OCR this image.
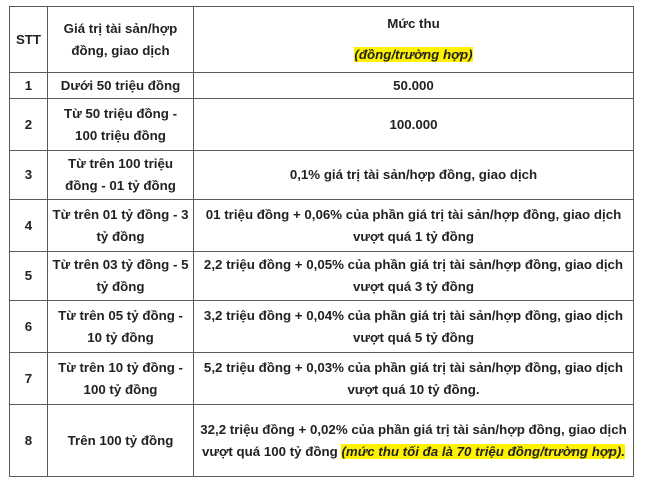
STT	Giá trị tài sản/hợp đồng, giao dịch	Mức thu
(đồng/trường hợp)
1	Dưới 50 triệu đồng	50.000
2	Từ 50 triệu đồng - 100 triệu đồng	100.000
3	Từ trên 100 triệu đồng - 01 tỷ đồng	0,1% giá trị tài sản/hợp đồng, giao dịch
4	Từ trên 01 tỷ đồng - 3 tỷ đồng	01 triệu đồng + 0,06% của phần giá trị tài sản/hợp đồng, giao dịch vượt quá 1 tỷ đồng
5	Từ trên 03 tỷ đồng - 5 tỷ đồng	2,2 triệu đồng + 0,05% của phần giá trị tài sản/hợp đồng, giao dịch vượt quá 3 tỷ đồng
6	Từ trên 05 tỷ đồng - 10 tỷ đồng	3,2 triệu đồng + 0,04% của phần giá trị tài sản/hợp đồng, giao dịch vượt quá 5 tỷ đồng
7	Từ trên 10 tỷ đồng - 100 tỷ đồng	5,2 triệu đồng + 0,03% của phần giá trị tài sản/hợp đồng, giao dịch vượt quá 10 tỷ đồng.
8	Trên 100 tỷ đồng	32,2 triệu đồng + 0,02% của phần giá trị tài sản/hợp đồng, giao dịch vượt quá 100 tỷ đồng (mức thu tối đa là 70 triệu đồng/trường hợp).
